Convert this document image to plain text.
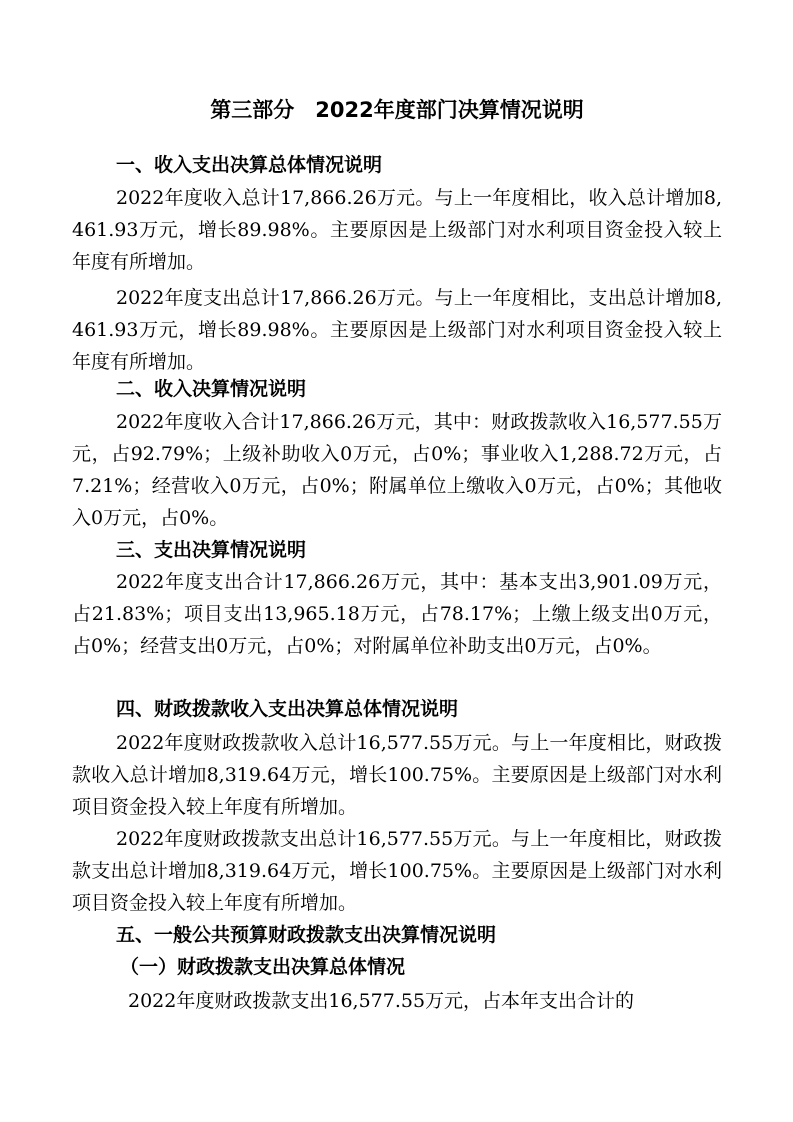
第三部分　2022年度部门决算情况说明
一、收入支出决算总体情况说明
2022年度收入总计17,866.26万元。与上一年度相比，收入总计增加8,461.93万元，增长89.98%。主要原因是上级部门对水利项目资金投入较上年度有所增加。
2022年度支出总计17,866.26万元。与上一年度相比，支出总计增加8,461.93万元，增长89.98%。主要原因是上级部门对水利项目资金投入较上年度有所增加。
二、收入决算情况说明
2022年度收入合计17,866.26万元，其中：财政拨款收入16,577.55万元，占92.79%；上级补助收入0万元，占0%；事业收入1,288.72万元，占7.21%；经营收入0万元，占0%；附属单位上缴收入0万元，占0%；其他收入0万元，占0%。
三、支出决算情况说明
2022年度支出合计17,866.26万元，其中：基本支出3,901.09万元，占21.83%；项目支出13,965.18万元，占78.17%；上缴上级支出0万元，占0%；经营支出0万元，占0%；对附属单位补助支出0万元，占0%。
四、财政拨款收入支出决算总体情况说明
2022年度财政拨款收入总计16,577.55万元。与上一年度相比，财政拨款收入总计增加8,319.64万元，增长100.75%。主要原因是上级部门对水利项目资金投入较上年度有所增加。
2022年度财政拨款支出总计16,577.55万元。与上一年度相比，财政拨款支出总计增加8,319.64万元，增长100.75%。主要原因是上级部门对水利项目资金投入较上年度有所增加。
五、一般公共预算财政拨款支出决算情况说明
（一）财政拨款支出决算总体情况
2022年度财政拨款支出16,577.55万元，占本年支出合计的
